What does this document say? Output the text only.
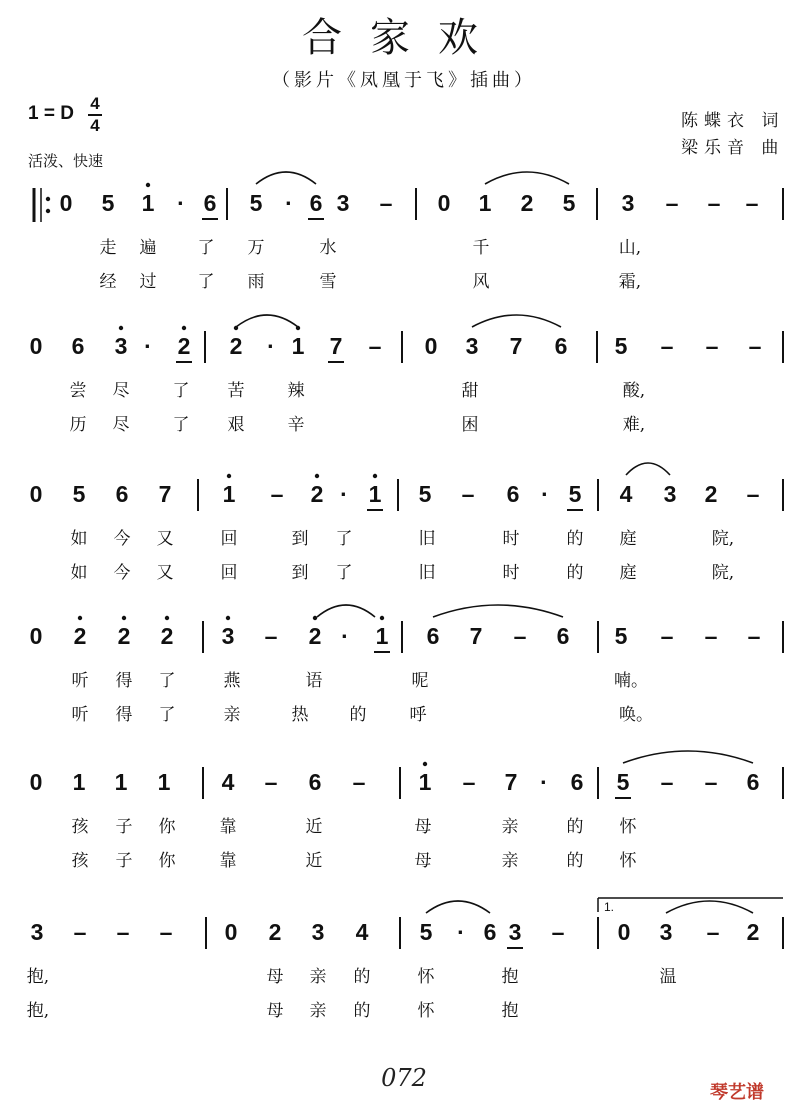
合家欢
（影片《凤凰于飞》插曲）
1 = D 4
4
活泼、快速
陈蝶衣 词
梁乐音 曲
0 5 1 · 6 5 · 6 3 – 0 1 2 5 3 – – –
走 遍 了 万	水	千	山,
经 过 了 雨	雪	风	霜,
0 6 3 ·	2 2	· 1 7 – 0 3 7 6 5 – – –
尝 尽	了 苦	辣	甜	酸,
历 尽	了 艰	辛	困	难,
0 5 6 7 1 – 2 · 1 5 – 6 · 5 4 3 2 –
如 今 又	回	到 了	旧	时	的 庭	院,
如 今 又	回	到 了	旧	时	的 庭	院,
0 2 2 2 3 – 2 ·	1 6 7 – 6 5 – – –
听 得 了	燕	语	呢	喃。
听 得 了	亲	热 的	呼	唤。
0 1 1 1 4 – 6 – 1 – 7 · 6 5 – – 6
孩 子 你	靠	近	母	亲	的 怀
孩 子 你	靠	近	母	亲	的 怀
3 – – – 0 2 3 4 5	· 6 3 – 0 3 – 2
抱,	母 亲 的	怀	抱	温
抱,	母 亲 的	怀	抱
1.
072
琴艺谱
